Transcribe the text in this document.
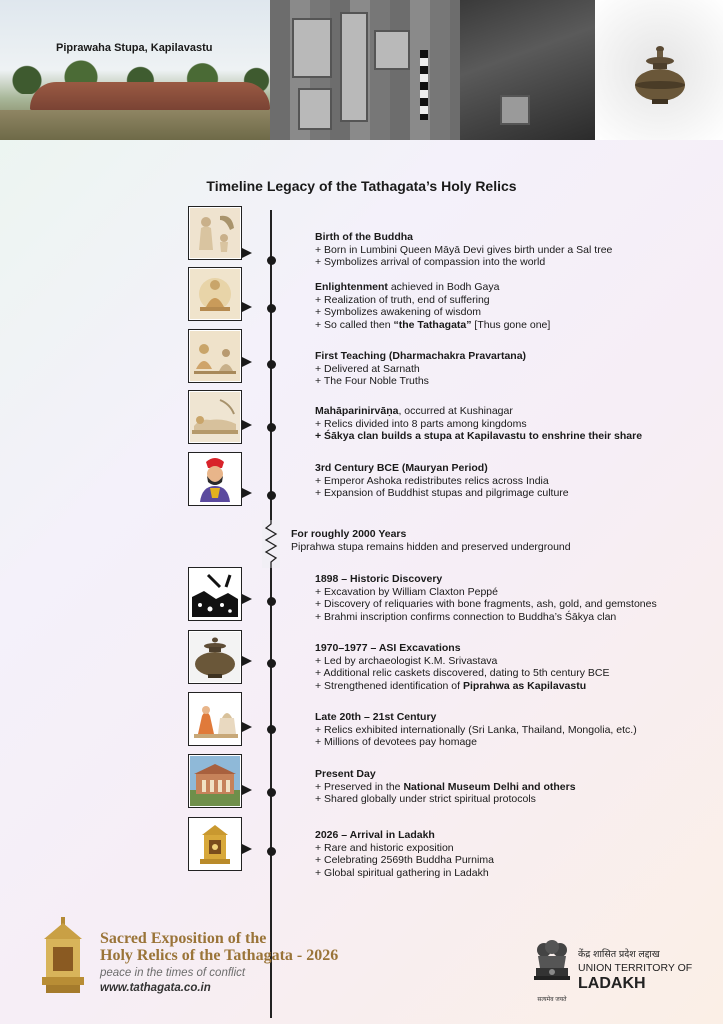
Piprawaha Stupa, Kapilavastu
Timeline Legacy of the Tathagata’s Holy Relics
Birth of the Buddha
+ Born in Lumbini Queen Māyā Devi gives birth under a Sal tree
+ Symbolizes arrival of compassion into the world
Enlightenment achieved in Bodh Gaya
+ Realization of truth, end of suffering
+ Symbolizes awakening of wisdom
+ So called then “the Tathagata” [Thus gone one]
First Teaching (Dharmachakra Pravartana)
+ Delivered at Sarnath
+ The Four Noble Truths
Mahāparinirvāṇa, occurred at Kushinagar
+ Relics divided into 8 parts among kingdoms
+ Śākya clan builds a stupa at Kapilavastu to enshrine their share
3rd Century BCE (Mauryan Period)
+ Emperor Ashoka redistributes relics across India
+ Expansion of Buddhist stupas and pilgrimage culture
For roughly 2000 Years
Piprahwa stupa remains hidden and preserved underground
1898 – Historic Discovery
+ Excavation by William Claxton Peppé
+ Discovery of reliquaries with bone fragments, ash, gold, and gemstones
+ Brahmi inscription confirms connection to Buddha’s Śākya clan
1970–1977 – ASI Excavations
+ Led by archaeologist K.M. Srivastava
+ Additional relic caskets discovered, dating to 5th century BCE
+ Strengthened identification of Piprahwa as Kapilavastu
Late 20th – 21st Century
+ Relics exhibited internationally (Sri Lanka, Thailand, Mongolia, etc.)
+ Millions of devotees pay homage
Present Day
+ Preserved in the National Museum Delhi and others
+ Shared globally under strict spiritual protocols
2026 – Arrival in Ladakh
+ Rare and historic exposition
+ Celebrating 2569th Buddha Purnima
+ Global spiritual gathering in Ladakh
Sacred Exposition of the
Holy Relics of the Tathagata - 2026
peace in the times of conflict
www.tathagata.co.in
सत्यमेव जयते
केंद्र शासित प्रदेश लद्दाख
UNION TERRITORY OF
LADAKH
